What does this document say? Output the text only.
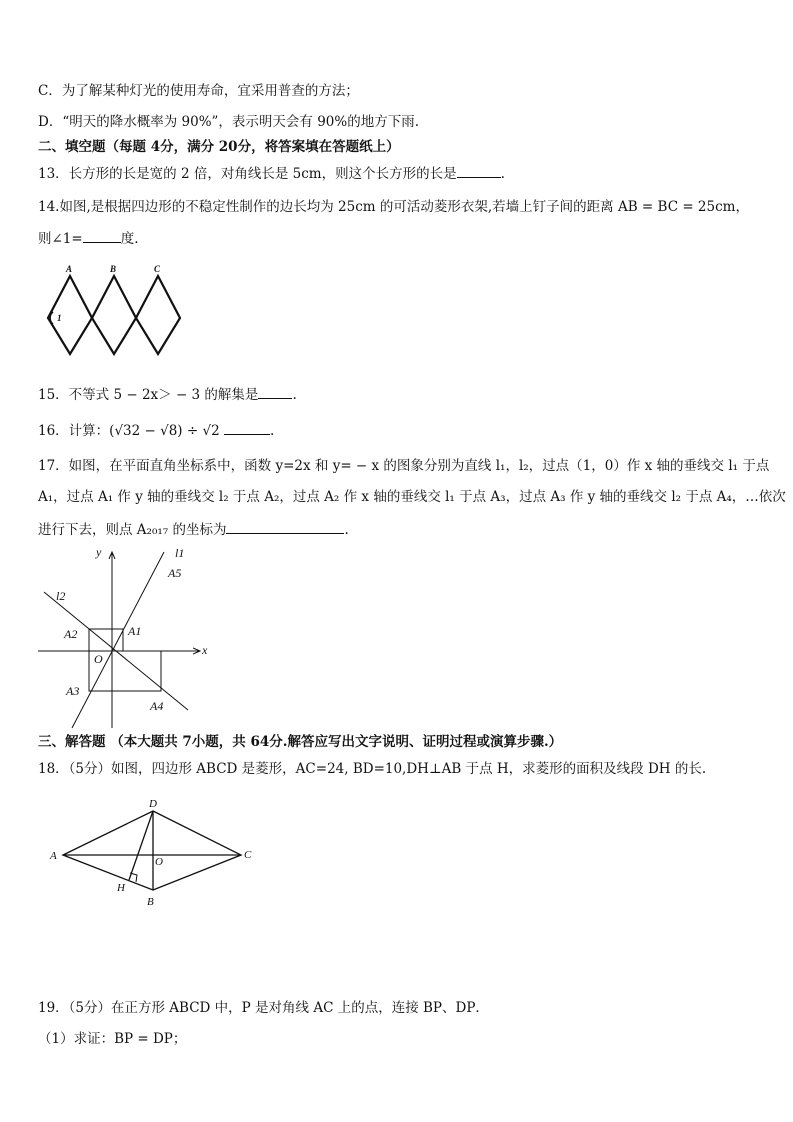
C．为了解某种灯光的使用寿命，宜采用普查的方法；
D．“明天的降水概率为 90%”，表示明天会有 90%的地方下雨.
二、填空题（每题 4分，满分 20分，将答案填在答题纸上）
13．长方形的长是宽的 2 倍，对角线长是 5cm，则这个长方形的长是	.
14.如图,是根据四边形的不稳定性制作的边长均为 25cm 的可活动菱形衣架,若墙上钉子间的距离 AB = BC = 25cm，
则∠1=	度.
A	B	C
1
15．不等式 5 − 2x＞ − 3 的解集是	.
16．计算：(√32 − √8) ÷ √2	.
17．如图，在平面直角坐标系中，函数 y=2x 和 y= − x 的图象分别为直线 l₁，l₂，过点（1，0）作 x 轴的垂线交 l₁ 于点
A₁，过点 A₁ 作 y 轴的垂线交 l₂ 于点 A₂，过点 A₂ 作 x 轴的垂线交 l₁ 于点 A₃，过点 A₃ 作 y 轴的垂线交 l₂ 于点 A₄，…依次
进行下去，则点 A₂₀₁₇ 的坐标为	.
y
x
O
l1
l2
A1
A2
A3
A4
A5
三、解答题 （本大题共 7小题，共 64分.解答应写出文字说明、证明过程或演算步骤.）
18．（5分）如图，四边形 ABCD 是菱形，AC=24, BD=10,DH⊥AB 于点 H，求菱形的面积及线段 DH 的长.
A
B
C
D
O
H
19．（5分）在正方形 ABCD 中，P 是对角线 AC 上的点，连接 BP、DP．
（1）求证：BP = DP；
